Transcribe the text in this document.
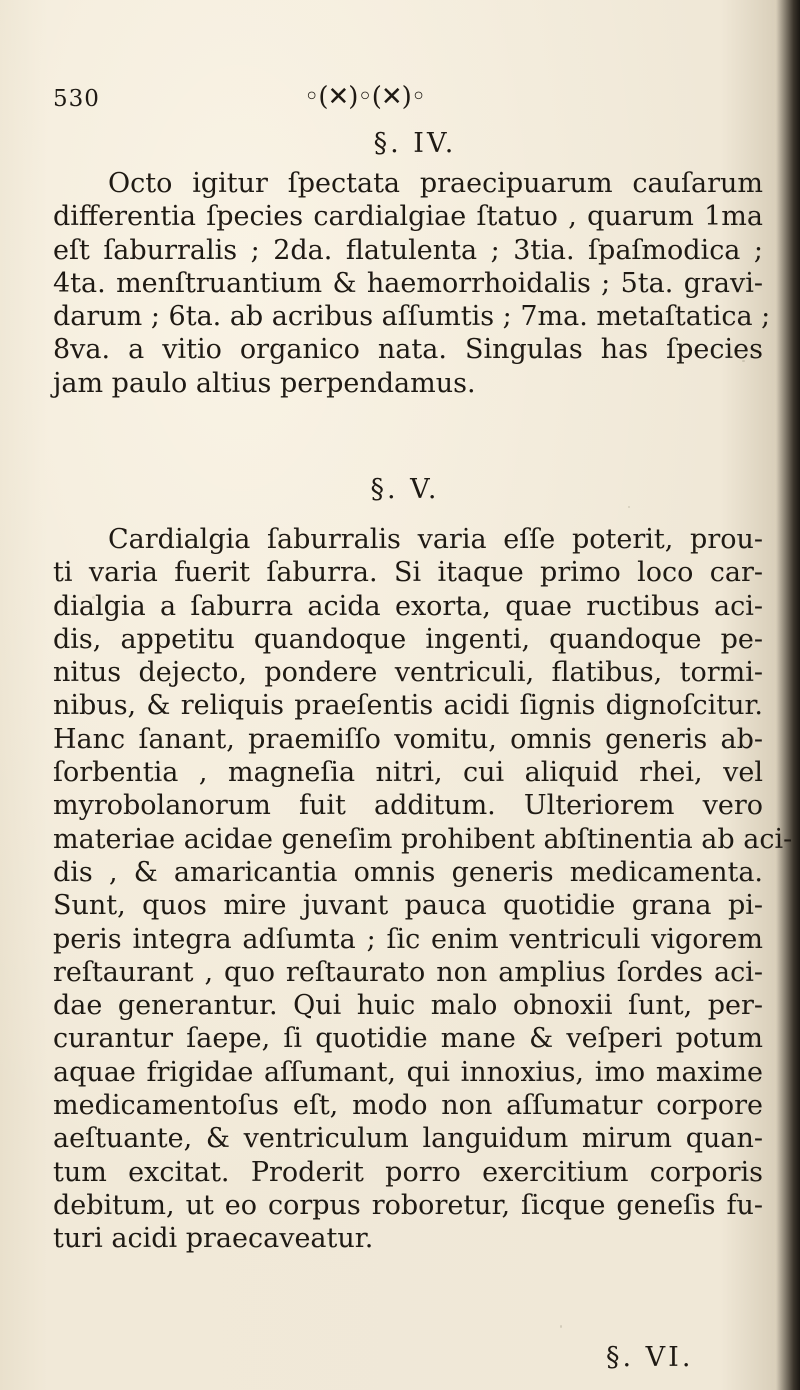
530	◦(✕)◦(✕)◦
§. IV.

Octo igitur ſpectata praecipuarum cauſarum
differentia ſpecies cardialgiae ſtatuo , quarum 1ma
eſt ſaburralis ; 2da. flatulenta ; 3tia. ſpaſmodica ;
4ta. menſtruantium & haemorrhoidalis ; 5ta. gravi-
darum ; 6ta. ab acribus aſſumtis ; 7ma. metaſtatica ;
8va. a vitio organico nata. Singulas has ſpecies
jam paulo altius perpendamus.

§. V.

Cardialgia ſaburralis varia eſſe poterit, prou-
ti varia fuerit ſaburra. Si itaque primo loco car-
dialgia a ſaburra acida exorta, quae ructibus aci-
dis, appetitu quandoque ingenti, quandoque pe-
nitus dejecto, pondere ventriculi, flatibus, tormi-
nibus, & reliquis praeſentis acidi ſignis dignoſcitur.
Hanc ſanant, praemiſſo vomitu, omnis generis ab-
ſorbentia , magneſia nitri, cui aliquid rhei, vel
myrobolanorum fuit additum. Ulteriorem vero
materiae acidae geneſim prohibent abſtinentia ab aci-
dis , & amaricantia omnis generis medicamenta.
Sunt, quos mire juvant pauca quotidie grana pi-
peris integra adſumta ; ſic enim ventriculi vigorem
reſtaurant , quo reſtaurato non amplius ſordes aci-
dae generantur. Qui huic malo obnoxii ſunt, per-
curantur ſaepe, ſi quotidie mane & veſperi potum
aquae frigidae aſſumant, qui innoxius, imo maxime
medicamentoſus eſt, modo non aſſumatur corpore
aeſtuante, & ventriculum languidum mirum quan-
tum excitat. Proderit porro exercitium corporis
debitum, ut eo corpus roboretur, ſicque geneſis fu-
turi acidi praecaveatur.

§. VI.
